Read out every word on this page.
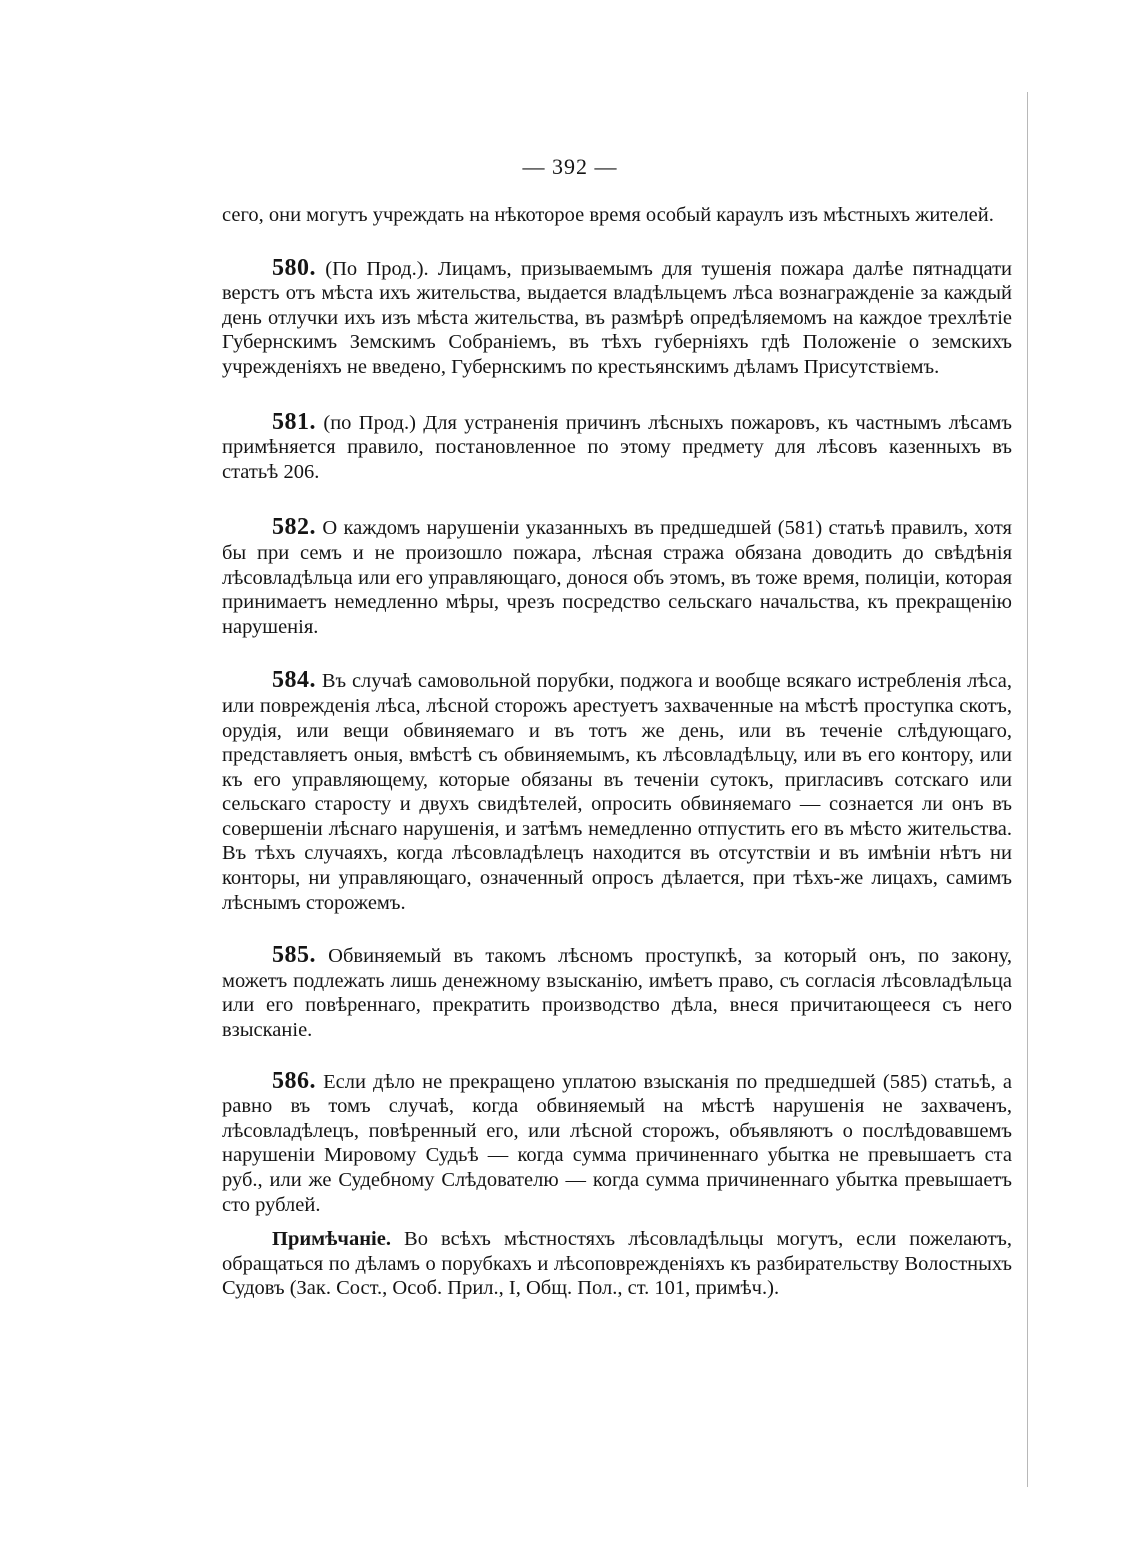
— 392 —

сего, они могутъ учреждать на нѣкоторое время особый караулъ изъ мѣстныхъ жителей.

580. (По Прод.). Лицамъ, призываемымъ для тушенія пожара далѣе пятнадцати верстъ отъ мѣста ихъ жительства, выдается владѣльцемъ лѣса вознагражденіе за каждый день отлучки ихъ изъ мѣста жительства, въ размѣрѣ опредѣляемомъ на каждое трехлѣтіе Губернскимъ Земскимъ Собраніемъ, въ тѣхъ губерніяхъ гдѣ Положеніе о земскихъ учрежденіяхъ не введено, Губернскимъ по крестьянскимъ дѣламъ Присутствіемъ.

581. (по Прод.) Для устраненія причинъ лѣсныхъ пожаровъ, къ частнымъ лѣсамъ примѣняется правило, постановленное по этому предмету для лѣсовъ казенныхъ въ статьѣ 206.

582. О каждомъ нарушеніи указанныхъ въ предшедшей (581) статьѣ правилъ, хотя бы при семъ и не произошло пожара, лѣсная стража обязана доводить до свѣдѣнія лѣсовладѣльца или его управляющаго, донося объ этомъ, въ тоже время, полиціи, которая принимаетъ немедленно мѣры, чрезъ посредство сельскаго начальства, къ прекращенію нарушенія.

584. Въ случаѣ самовольной порубки, поджога и вообще всякаго истребленія лѣса, или поврежденія лѣса, лѣсной сторожъ арестуетъ захваченные на мѣстѣ проступка скотъ, орудія, или вещи обвиняемаго и въ тотъ же день, или въ теченіе слѣдующаго, представляетъ оныя, вмѣстѣ съ обвиняемымъ, къ лѣсовладѣльцу, или въ его контору, или къ его управляющему, которые обязаны въ теченіи сутокъ, пригласивъ сотскаго или сельскаго старосту и двухъ свидѣтелей, опросить обвиняемаго — сознается ли онъ въ совершеніи лѣснаго нарушенія, и затѣмъ немедленно отпустить его въ мѣсто жительства. Въ тѣхъ случаяхъ, когда лѣсовладѣлецъ находится въ отсутствіи и въ имѣніи нѣтъ ни конторы, ни управляющаго, означенный опросъ дѣлается, при тѣхъ-же лицахъ, самимъ лѣснымъ сторожемъ.

585. Обвиняемый въ такомъ лѣсномъ проступкѣ, за который онъ, по закону, можетъ подлежать лишь денежному взысканію, имѣетъ право, съ согласія лѣсовладѣльца или его повѣреннаго, прекратить производство дѣла, внеся причитающееся съ него взысканіе.

586. Если дѣло не прекращено уплатою взысканія по предшедшей (585) статьѣ, а равно въ томъ случаѣ, когда обвиняемый на мѣстѣ нарушенія не захваченъ, лѣсовладѣлецъ, повѣренный его, или лѣсной сторожъ, объявляютъ о послѣдовавшемъ нарушеніи Мировому Судьѣ — когда сумма причиненнаго убытка не превышаетъ ста руб., или же Судебному Слѣдователю — когда сумма причиненнаго убытка превышаетъ сто рублей.

Примѣчаніе. Во всѣхъ мѣстностяхъ лѣсовладѣльцы могутъ, если пожелаютъ, обращаться по дѣламъ о порубкахъ и лѣсоповрежденіяхъ къ разбирательству Волостныхъ Судовъ (Зак. Сост., Особ. Прил., I, Общ. Пол., ст. 101, примѣч.).
